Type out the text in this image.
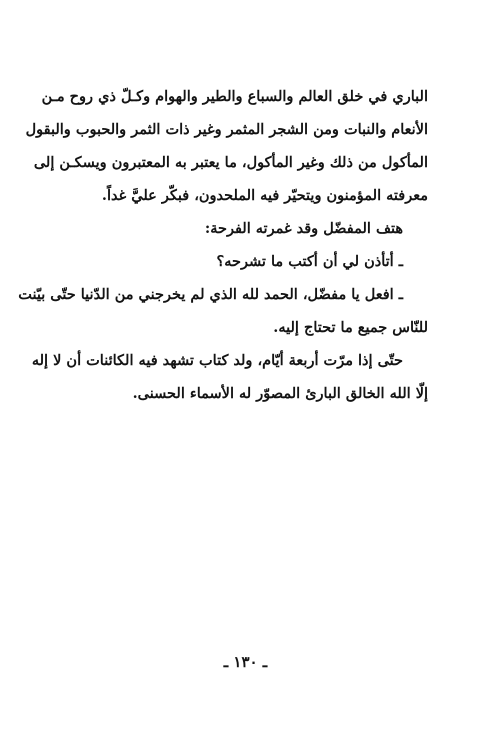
الباري في خلق العالم والسباع والطير والهوام وكـلّ ذي روح مـن
الأنعام والنبات ومن الشجر المثمر وغير ذات الثمر والحبوب والبقول
المأكول من ذلك وغير المأكول، ما يعتبر به المعتبرون ويسكـن إلى
معرفته المؤمنون ويتحيّر فيه الملحدون، فبكّر عليَّ غداً.
هتف المفضّل وقد غمرته الفرحة:
ـ أتأذن لي أن أكتب ما تشرحه؟
ـ افعل يا مفضّل، الحمد لله الذي لم يخرجني من الدّنيا حتّى بيّنت
للنّاس جميع ما تحتاج إليه.
حتّى إذا مرّت أربعة أيّام، ولد كتاب تشهد فيه الكائنات أن لا إله
إلّا الله الخالق البارئ المصوّر له الأسماء الحسنى.
ـ ١٣٠ ـ
